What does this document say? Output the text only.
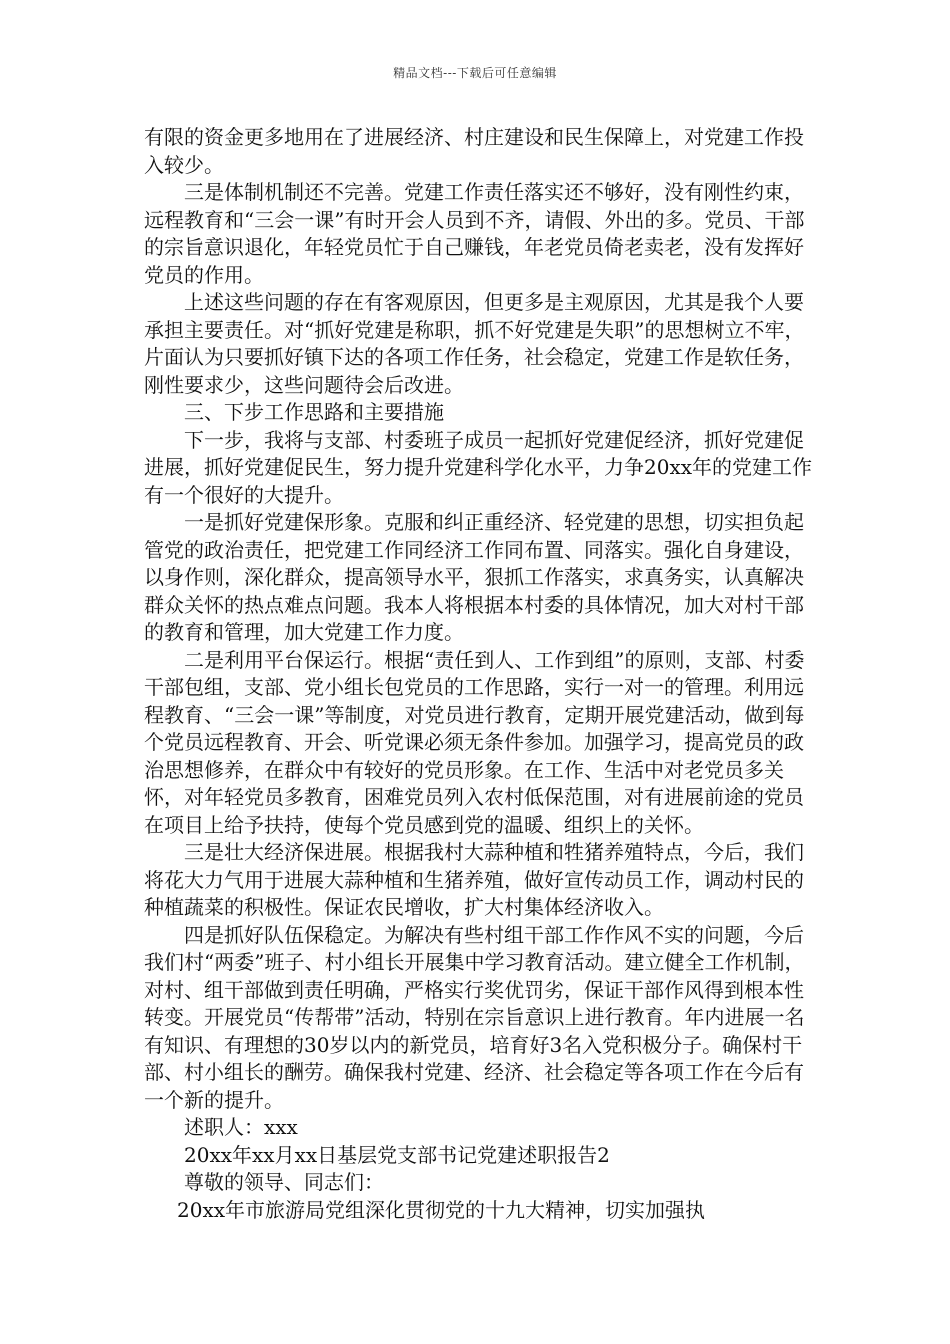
精品文档---下载后可任意编辑

有限的资金更多地用在了进展经济、村庄建设和民生保障上，对党建工作投入较少。

三是体制机制还不完善。党建工作责任落实还不够好，没有刚性约束，远程教育和“三会一课”有时开会人员到不齐，请假、外出的多。党员、干部的宗旨意识退化，年轻党员忙于自己赚钱，年老党员倚老卖老，没有发挥好党员的作用。

上述这些问题的存在有客观原因，但更多是主观原因，尤其是我个人要承担主要责任。对“抓好党建是称职，抓不好党建是失职”的思想树立不牢，片面认为只要抓好镇下达的各项工作任务，社会稳定，党建工作是软任务，刚性要求少，这些问题待会后改进。

三、下步工作思路和主要措施

下一步，我将与支部、村委班子成员一起抓好党建促经济，抓好党建促进展，抓好党建促民生，努力提升党建科学化水平，力争20xx年的党建工作有一个很好的大提升。

一是抓好党建保形象。克服和纠正重经济、轻党建的思想，切实担负起管党的政治责任，把党建工作同经济工作同布置、同落实。强化自身建设，以身作则，深化群众，提高领导水平，狠抓工作落实，求真务实，认真解决群众关怀的热点难点问题。我本人将根据本村委的具体情况，加大对村干部的教育和管理，加大党建工作力度。

二是利用平台保运行。根据“责任到人、工作到组”的原则，支部、村委干部包组，支部、党小组长包党员的工作思路，实行一对一的管理。利用远程教育、“三会一课”等制度，对党员进行教育，定期开展党建活动，做到每个党员远程教育、开会、听党课必须无条件参加。加强学习，提高党员的政治思想修养，在群众中有较好的党员形象。在工作、生活中对老党员多关怀，对年轻党员多教育，困难党员列入农村低保范围，对有进展前途的党员在项目上给予扶持，使每个党员感到党的温暖、组织上的关怀。

三是壮大经济保进展。根据我村大蒜种植和牲猪养殖特点，今后，我们将花大力气用于进展大蒜种植和生猪养殖，做好宣传动员工作，调动村民的种植蔬菜的积极性。保证农民增收，扩大村集体经济收入。

四是抓好队伍保稳定。为解决有些村组干部工作作风不实的问题，今后我们村“两委”班子、村小组长开展集中学习教育活动。建立健全工作机制，对村、组干部做到责任明确，严格实行奖优罚劣，保证干部作风得到根本性转变。开展党员“传帮带”活动，特别在宗旨意识上进行教育。年内进展一名有知识、有理想的30岁以内的新党员，培育好3名入党积极分子。确保村干部、村小组长的酬劳。确保我村党建、经济、社会稳定等各项工作在今后有一个新的提升。

述职人：xxx

20xx年xx月xx日基层党支部书记党建述职报告2

尊敬的领导、同志们：

20xx年市旅游局党组深化贯彻党的十九大精神，切实加强执
